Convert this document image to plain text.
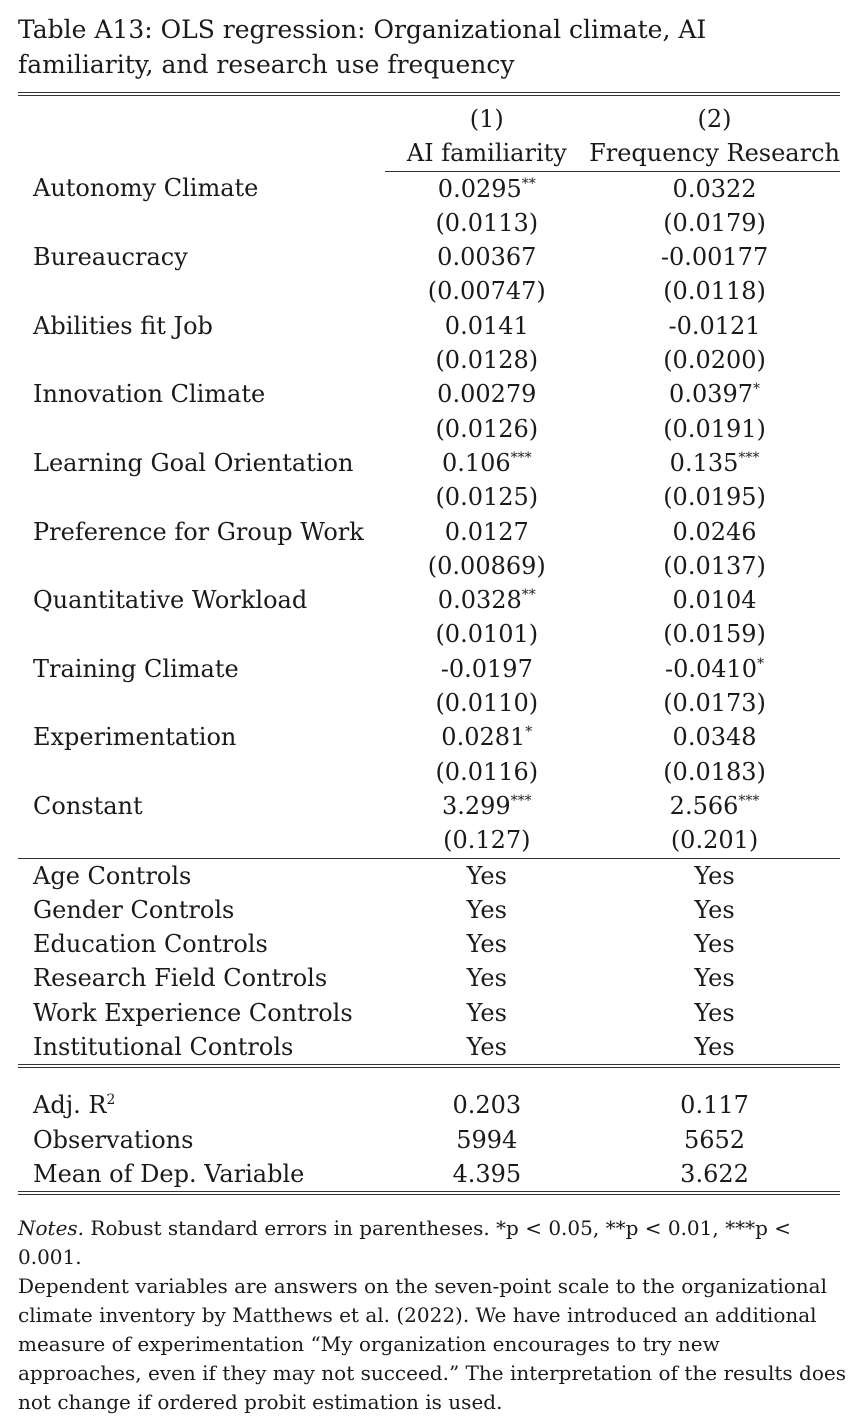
Table A13: OLS regression: Organizational climate, AI familiarity, and research use frequency

	(1)	(2)
	AI familiarity	Frequency Research
Autonomy Climate	0.0295**	0.0322
	(0.0113)	(0.0179)
Bureaucracy	0.00367	-0.00177
	(0.00747)	(0.0118)
Abilities fit Job	0.0141	-0.0121
	(0.0128)	(0.0200)
Innovation Climate	0.00279	0.0397*
	(0.0126)	(0.0191)
Learning Goal Orientation	0.106***	0.135***
	(0.0125)	(0.0195)
Preference for Group Work	0.0127	0.0246
	(0.00869)	(0.0137)
Quantitative Workload	0.0328**	0.0104
	(0.0101)	(0.0159)
Training Climate	-0.0197	-0.0410*
	(0.0110)	(0.0173)
Experimentation	0.0281*	0.0348
	(0.0116)	(0.0183)
Constant	3.299***	2.566***
	(0.127)	(0.201)
Age Controls	Yes	Yes
Gender Controls	Yes	Yes
Education Controls	Yes	Yes
Research Field Controls	Yes	Yes
Work Experience Controls	Yes	Yes
Institutional Controls	Yes	Yes

Adj. $R^2$	0.203	0.117
Observations	5994	5652
Mean of Dep. Variable	4.395	3.622

Notes. Robust standard errors in parentheses. *p < 0.05, **p < 0.01, ***p < 0.001.

Dependent variables are answers on the seven-point scale to the organizational climate inventory by Matthews et al. (2022). We have introduced an additional measure of experimentation “My organization encourages to try new approaches, even if they may not succeed.” The interpretation of the results does not change if ordered probit estimation is used.
